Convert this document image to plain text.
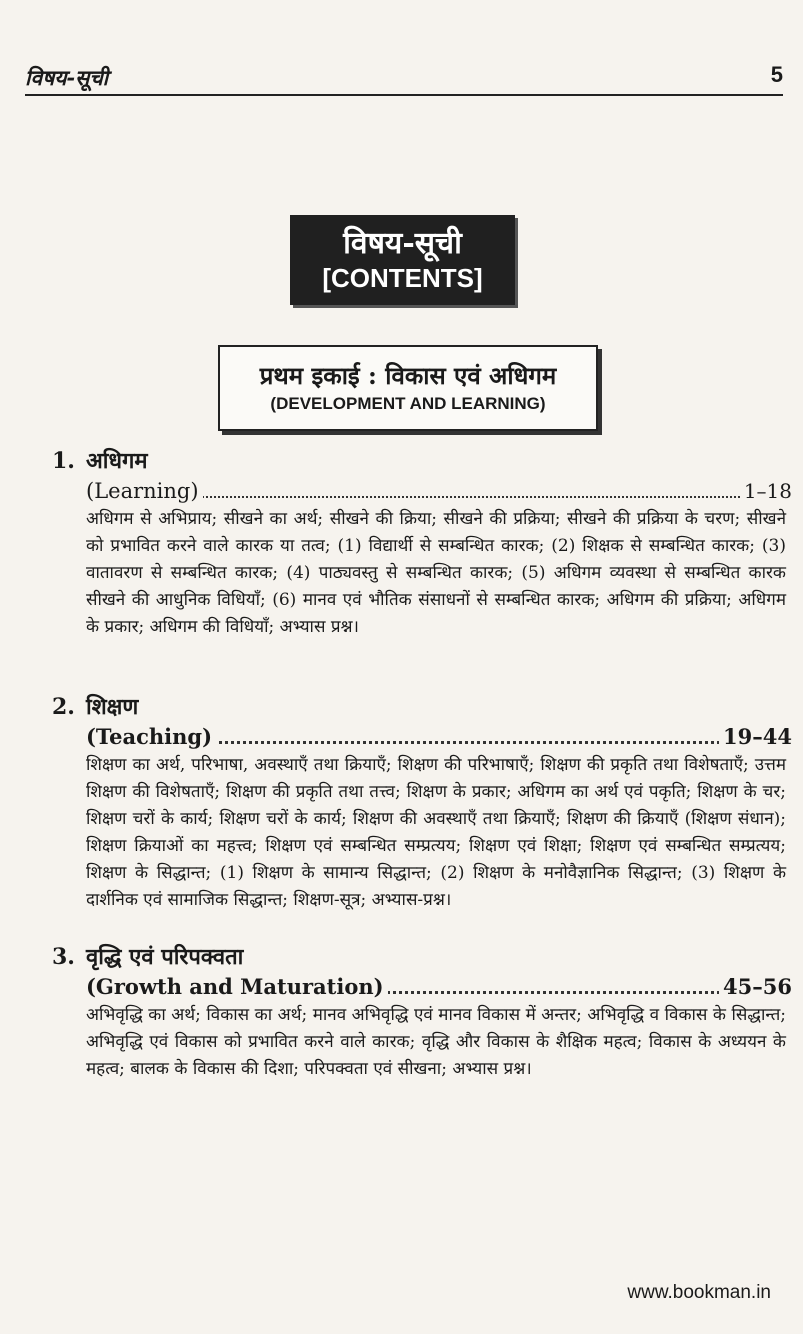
विषय-सूची	5
विषय-सूची
[CONTENTS]
प्रथम इकाई : विकास एवं अधिगम
(DEVELOPMENT AND LEARNING)
1. अधिगम
(Learning)	1–18
अधिगम से अभिप्राय; सीखने का अर्थ; सीखने की क्रिया; सीखने की प्रक्रिया; सीखने की प्रक्रिया के चरण; सीखने को प्रभावित करने वाले कारक या तत्व; (1) विद्यार्थी से सम्बन्धित कारक; (2) शिक्षक से सम्बन्धित कारक; (3) वातावरण से सम्बन्धित कारक; (4) पाठ्यवस्तु से सम्बन्धित कारक; (5) अधिगम व्यवस्था से सम्बन्धित कारक सीखने की आधुनिक विधियाँ; (6) मानव एवं भौतिक संसाधनों से सम्बन्धित कारक; अधिगम की प्रक्रिया; अधिगम के प्रकार; अधिगम की विधियाँ; अभ्यास प्रश्न।
2. शिक्षण
(Teaching)	19–44
शिक्षण का अर्थ, परिभाषा, अवस्थाएँ तथा क्रियाएँ; शिक्षण की परिभाषाएँ; शिक्षण की प्रकृति तथा विशेषताएँ; उत्तम शिक्षण की विशेषताएँ; शिक्षण की प्रकृति तथा तत्त्व; शिक्षण के प्रकार; अधिगम का अर्थ एवं पकृति; शिक्षण के चर; शिक्षण चरों के कार्य; शिक्षण चरों के कार्य; शिक्षण की अवस्थाएँ तथा क्रियाएँ; शिक्षण की क्रियाएँ (शिक्षण संधान); शिक्षण क्रियाओं का महत्त्व; शिक्षण एवं सम्बन्धित सम्प्रत्यय; शिक्षण एवं शिक्षा; शिक्षण एवं सम्बन्धित सम्प्रत्यय; शिक्षण के सिद्धान्त; (1) शिक्षण के सामान्य सिद्धान्त; (2) शिक्षण के मनोवैज्ञानिक सिद्धान्त; (3) शिक्षण के दार्शनिक एवं सामाजिक सिद्धान्त; शिक्षण-सूत्र; अभ्यास-प्रश्न।
3. वृद्धि एवं परिपक्वता
(Growth and Maturation)	45–56
अभिवृद्धि का अर्थ; विकास का अर्थ; मानव अभिवृद्धि एवं मानव विकास में अन्तर; अभिवृद्धि व विकास के सिद्धान्त; अभिवृद्धि एवं विकास को प्रभावित करने वाले कारक; वृद्धि और विकास के शैक्षिक महत्व; विकास के अध्ययन के महत्व; बालक के विकास की दिशा; परिपक्वता एवं सीखना; अभ्यास प्रश्न।
www.bookman.in
